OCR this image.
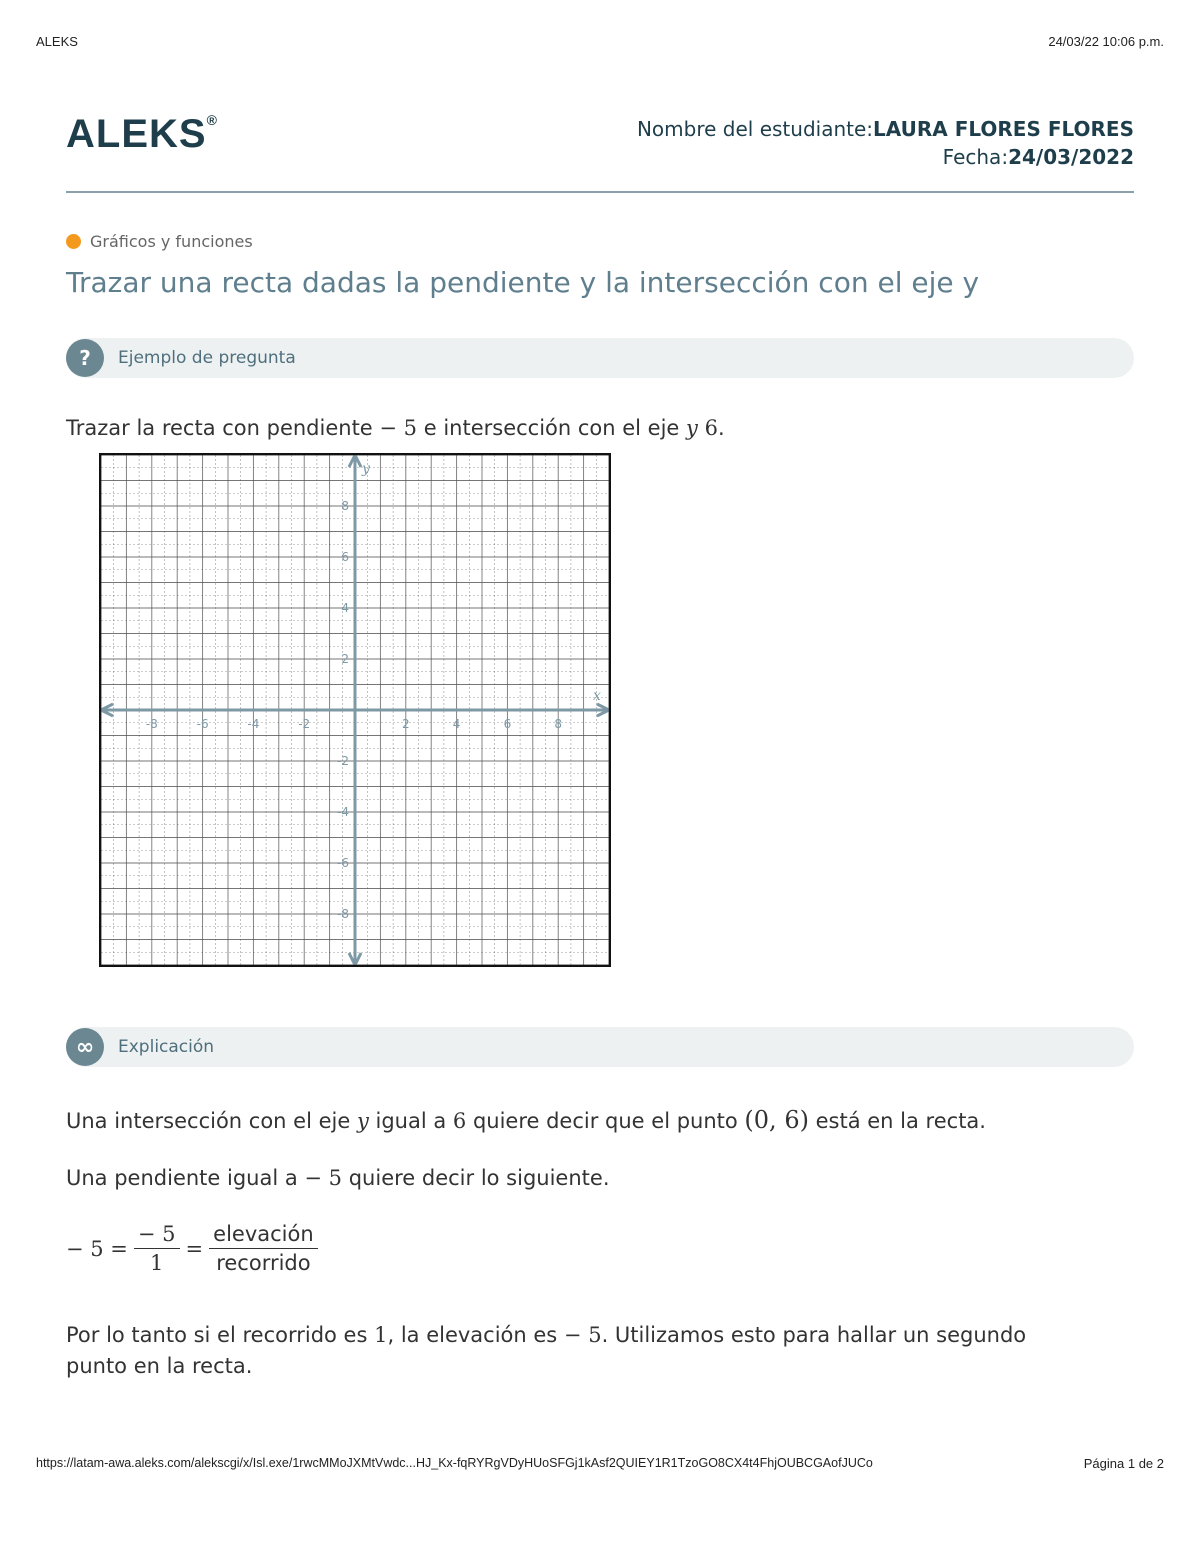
ALEKS	24/03/22 10:06 p.m.
ALEKS®	Nombre del estudiante:LAURA FLORES FLORES
Fecha:24/03/2022
Gráficos y funciones
Trazar una recta dadas la pendiente y la intersección con el eje y
?	Ejemplo de pregunta
Trazar la recta con pendiente − 5 e intersección con el eje y 6.
x
y
-8	-6	-4	-2	2	4	6	8
8
6
4
2
-2
-4
-6
-8
∞	Explicación
Una intersección con el eje y igual a 6 quiere decir que el punto (0, 6) está en la recta.
Una pendiente igual a − 5 quiere decir lo siguiente.
− $5 = \frac{- 5}{1} = \frac{\text{elevación}}{\text{recorrido}}$
Por lo tanto si el recorrido es 1, la elevación es − 5. Utilizamos esto para hallar un segundo
punto en la recta.
https://latam-awa.aleks.com/alekscgi/x/Isl.exe/1rwcMMoJXMtVwdc...HJ_Kx-fqRYRgVDyHUoSFGj1kAsf2QUIEY1R1TzoGO8CX4t4FhjOUBCGAofJUCo	Página 1 de 2
